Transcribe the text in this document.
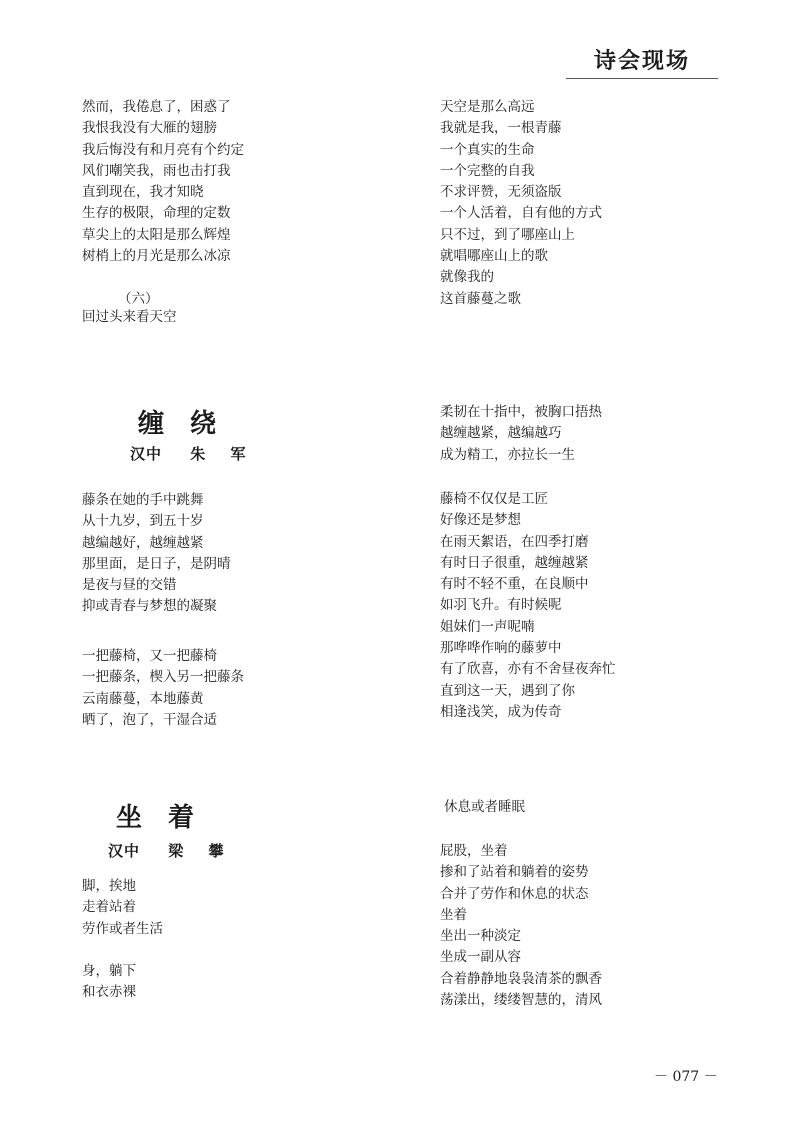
诗会现场
然而，我倦息了，困惑了
我恨我没有大雁的翅膀
我后悔没有和月亮有个约定
风们嘲笑我，雨也击打我
直到现在，我才知晓
生存的极限，命理的定数
草尖上的太阳是那么辉煌
树梢上的月光是那么冰凉
（六）
回过头来看天空
天空是那么高远
我就是我，一根青藤
一个真实的生命
一个完整的自我
不求评赞，无须盗版
一个人活着，自有他的方式
只不过，到了哪座山上
就唱哪座山上的歌
就像我的
这首藤蔓之歌
缠绕
汉中 朱 军
藤条在她的手中跳舞
从十九岁，到五十岁
越编越好，越缠越紧
那里面，是日子，是阴晴
是夜与昼的交错
抑或青春与梦想的凝聚
一把藤椅，又一把藤椅
一把藤条，楔入另一把藤条
云南藤蔓，本地藤黄
晒了，泡了，干湿合适
柔韧在十指中，被胸口捂热
越缠越紧，越编越巧
成为精工，亦拉长一生
藤椅不仅仅是工匠
好像还是梦想
在雨天絮语，在四季打磨
有时日子很重，越缠越紧
有时不轻不重，在良顺中
如羽飞升。有时候呢
姐妹们一声呢喃
那哗哗作响的藤萝中
有了欣喜，亦有不舍昼夜奔忙
直到这一天，遇到了你
相逢浅笑，成为传奇
坐着
汉中 梁 攀
脚，挨地
走着站着
劳作或者生活
身，躺下
和衣赤裸
休息或者睡眠
屁股，坐着
掺和了站着和躺着的姿势
合并了劳作和休息的状态
坐着
坐出一种淡定
坐成一副从容
合着静静地袅袅清茶的飘香
荡漾出，缕缕智慧的，清风
－ 077 －
